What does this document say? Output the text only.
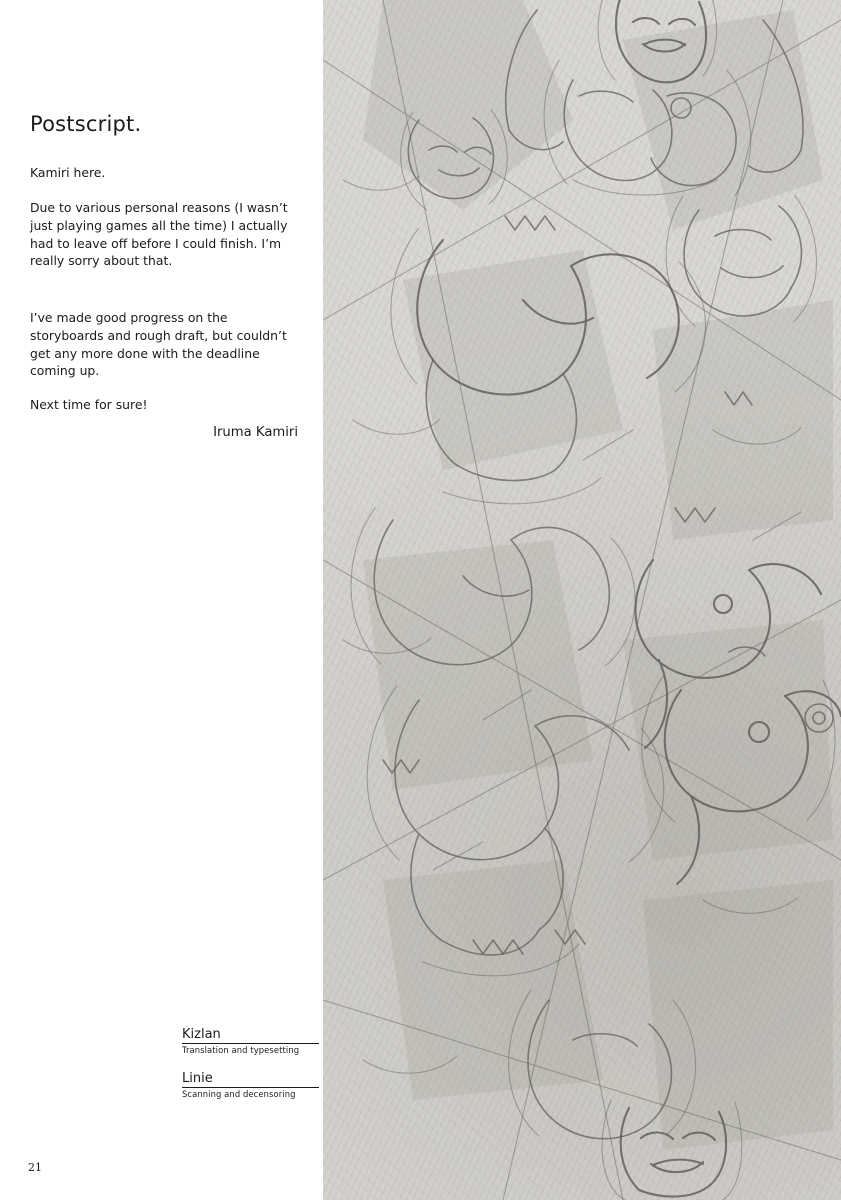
Postscript.

Kamiri here.

Due to various personal reasons (I wasn’t just playing games all the time) I actually had to leave off before I could finish. I’m really sorry about that.

I’ve made good progress on the storyboards and rough draft, but couldn’t get any more done with the deadline coming up.

Next time for sure!

Iruma Kamiri
Kizlan
Translation and typesetting
Linie
Scanning and decensoring
21
